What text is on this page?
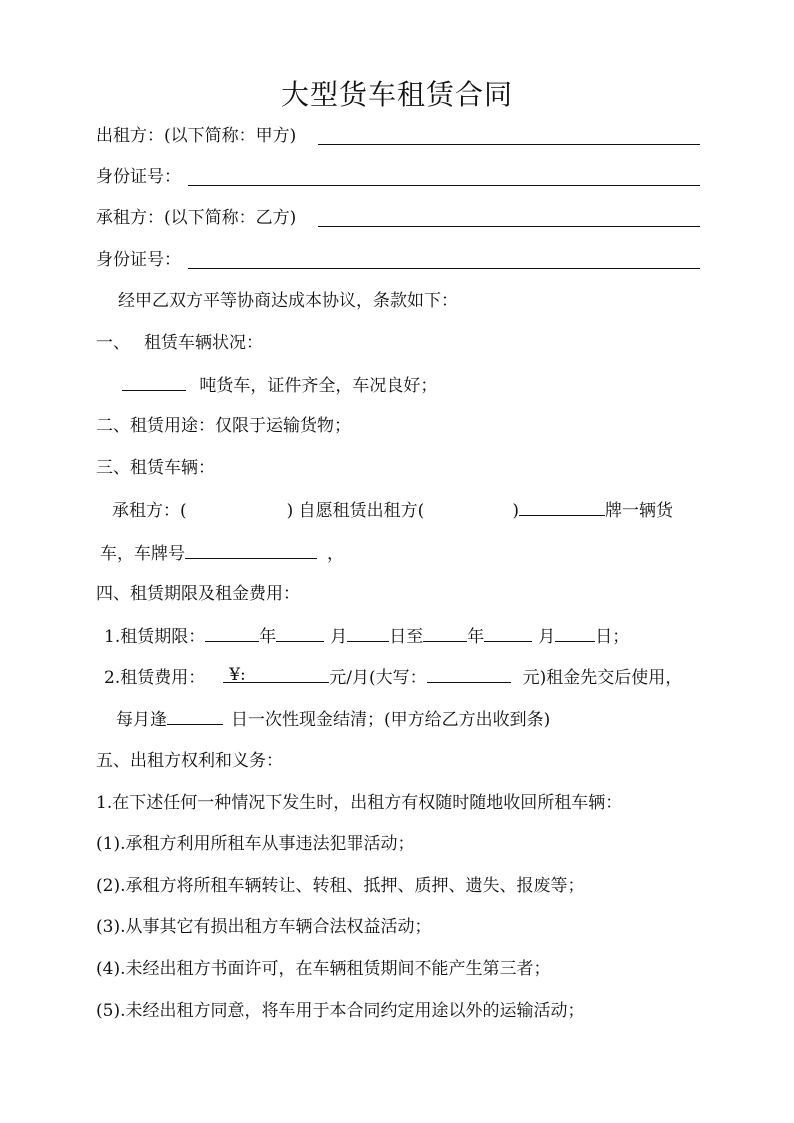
大型货车租赁合同
出租方：(以下简称：甲方)
身份证号：
承租方：(以下简称：乙方)
身份证号：
经甲乙双方平等协商达成本协议，条款如下：
一、 租赁车辆状况：
吨货车，证件齐全，车况良好；
二、租赁用途：仅限于运输货物；
三、租赁车辆：
承租方：(	) 自愿租赁出租方(	)	牌一辆货
车，车牌号	，
四、租赁期限及租金费用：
1.租赁期限：	年	月 日至	年	月 日；
2.租赁费用： ¥:	元/月(大写：	元)租金先交后使用，
每月逢	日一次性现金结清；(甲方给乙方出收到条)
五、出租方权利和义务：
1.在下述任何一种情况下发生时，出租方有权随时随地收回所租车辆：
(1).承租方利用所租车从事违法犯罪活动；
(2).承租方将所租车辆转让、转租、抵押、质押、遗失、报废等；
(3).从事其它有损出租方车辆合法权益活动；
(4).未经出租方书面许可，在车辆租赁期间不能产生第三者；
(5).未经出租方同意，将车用于本合同约定用途以外的运输活动；
